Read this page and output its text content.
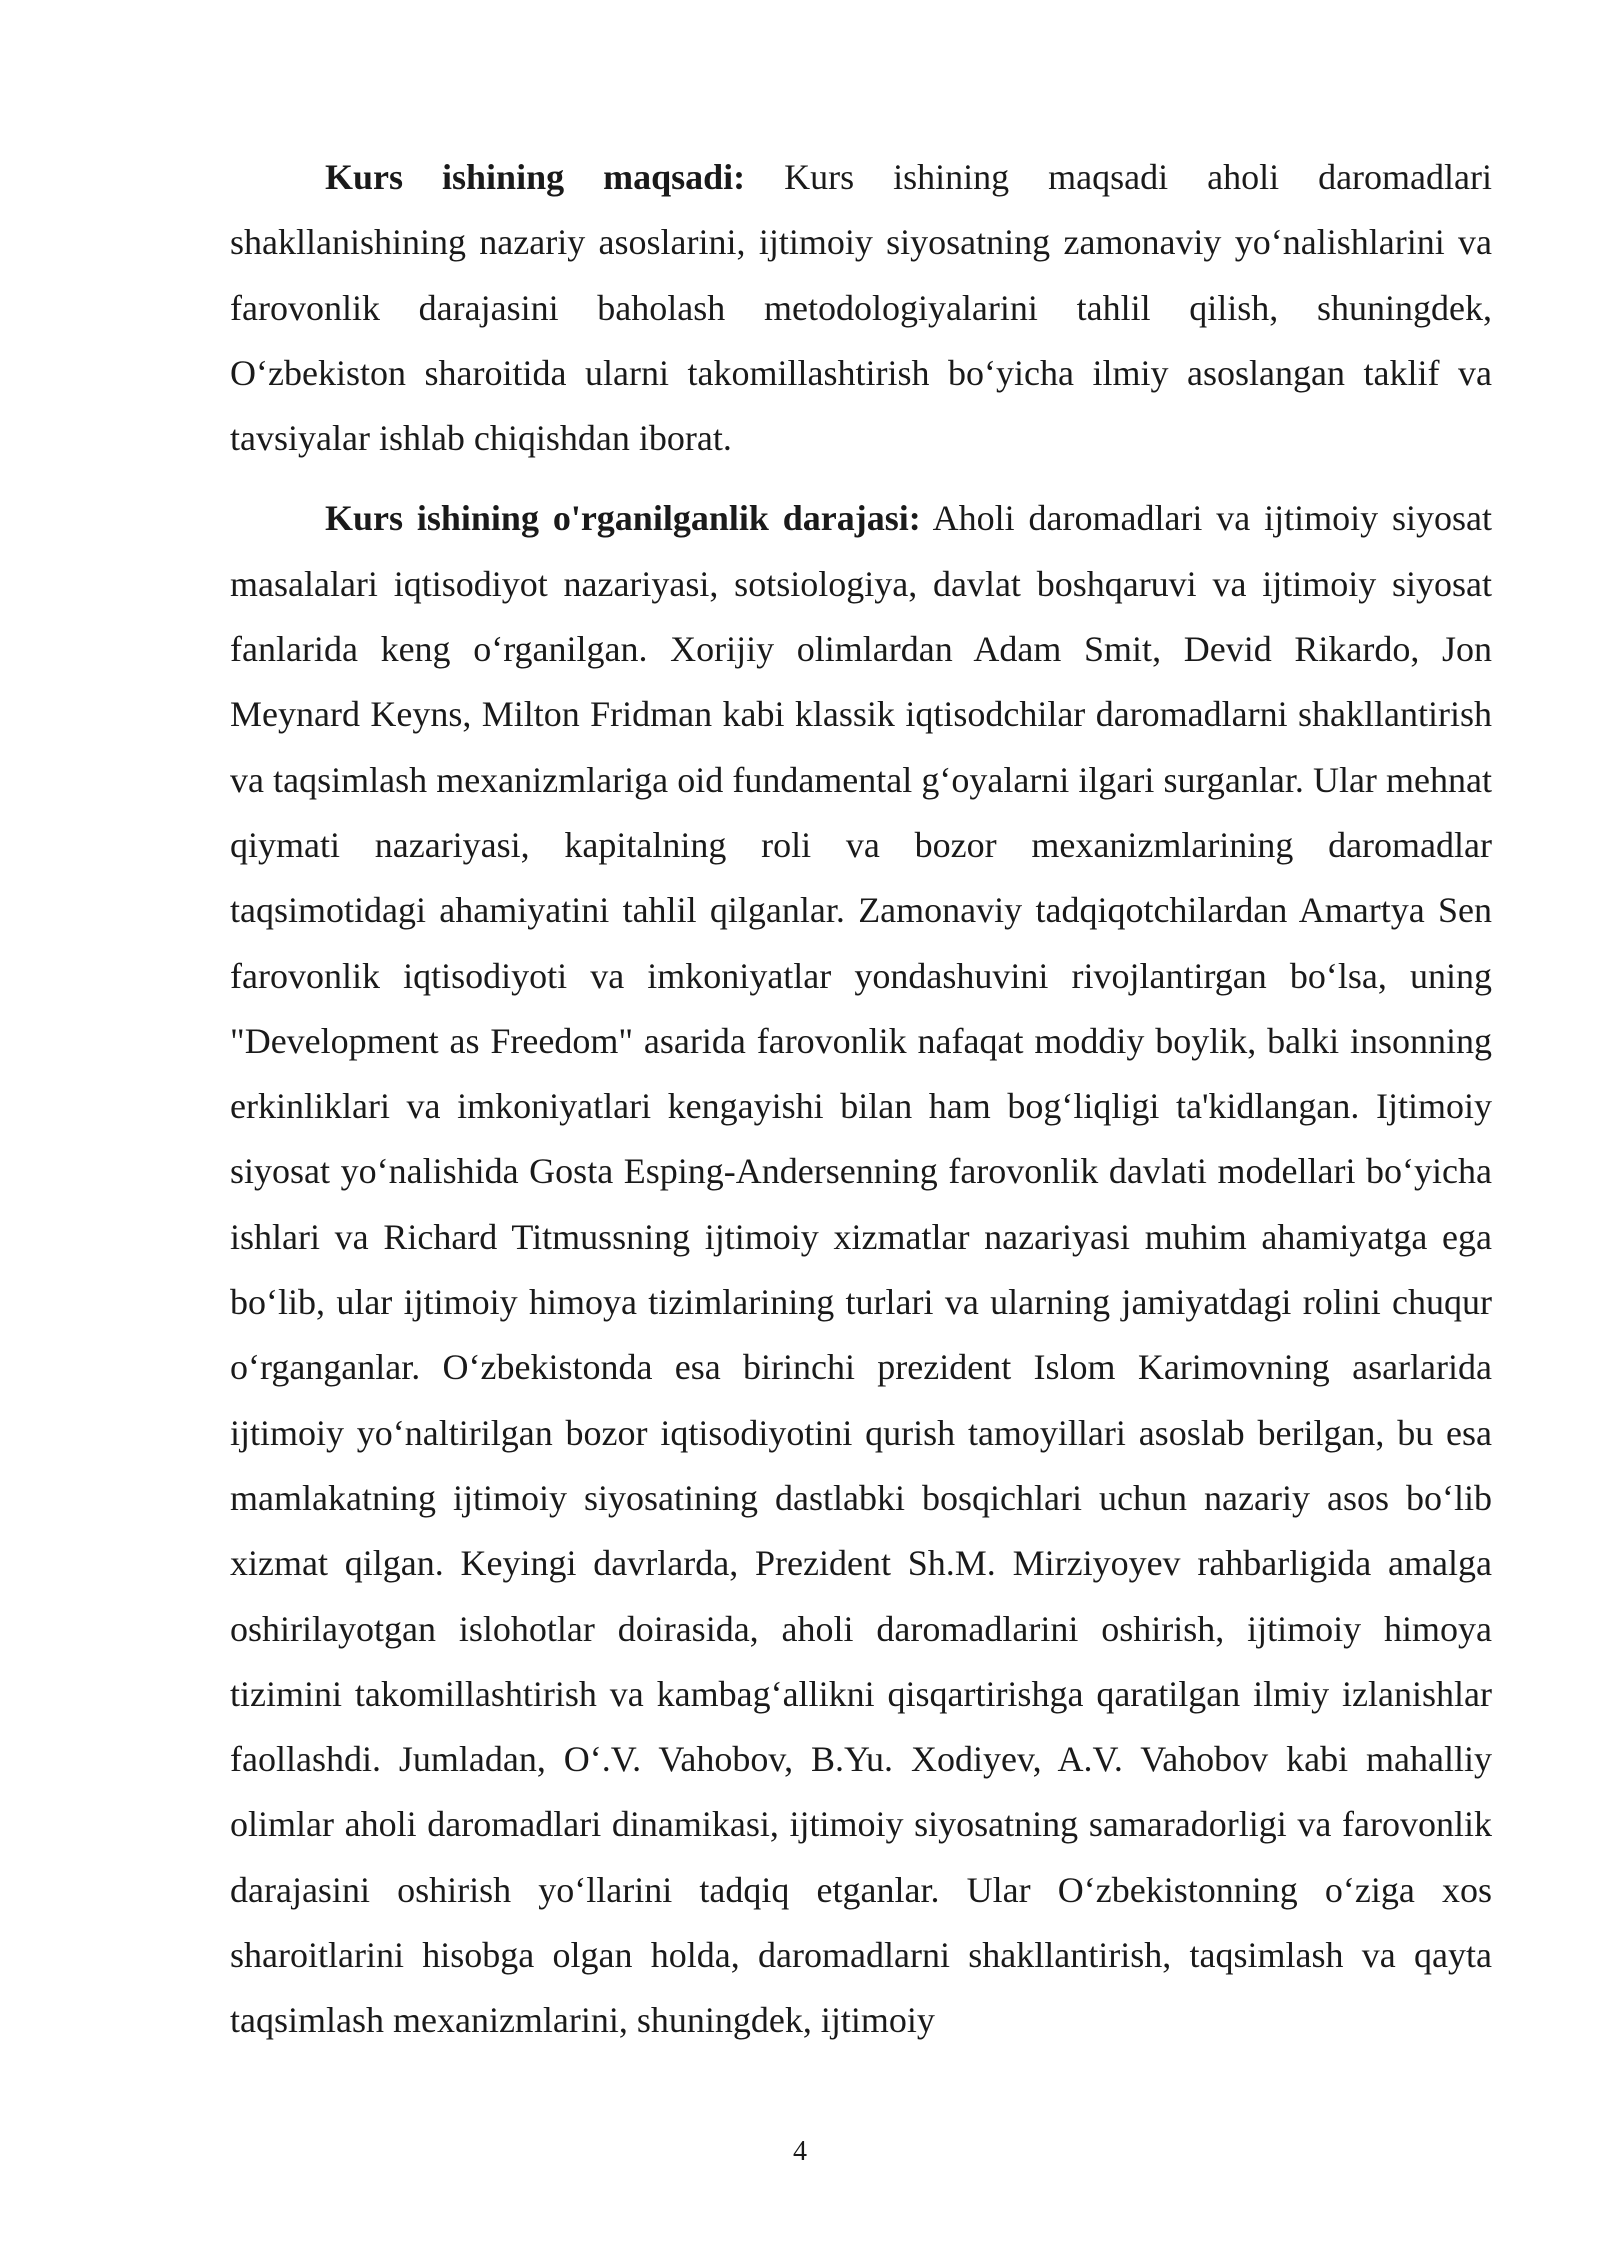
Kurs ishining maqsadi: Kurs ishining maqsadi aholi daromadlari shakllanishining nazariy asoslarini, ijtimoiy siyosatning zamonaviy yo‘nalishlarini va farovonlik darajasini baholash metodologiyalarini tahlil qilish, shuningdek, O‘zbekiston sharoitida ularni takomillashtirish bo‘yicha ilmiy asoslangan taklif va tavsiyalar ishlab chiqishdan iborat.

Kurs ishining o'rganilganlik darajasi: Aholi daromadlari va ijtimoiy siyosat masalalari iqtisodiyot nazariyasi, sotsiologiya, davlat boshqaruvi va ijtimoiy siyosat fanlarida keng o‘rganilgan. Xorijiy olimlardan Adam Smit, Devid Rikardo, Jon Meynard Keyns, Milton Fridman kabi klassik iqtisodchilar daromadlarni shakllantirish va taqsimlash mexanizmlariga oid fundamental g‘oyalarni ilgari surganlar. Ular mehnat qiymati nazariyasi, kapitalning roli va bozor mexanizmlarining daromadlar taqsimotidagi ahamiyatini tahlil qilganlar. Zamonaviy tadqiqotchilardan Amartya Sen farovonlik iqtisodiyoti va imkoniyatlar yondashuvini rivojlantirgan bo‘lsa, uning "Development as Freedom" asarida farovonlik nafaqat moddiy boylik, balki insonning erkinliklari va imkoniyatlari kengayishi bilan ham bog‘liqligi ta'kidlangan. Ijtimoiy siyosat yo‘nalishida Gosta Esping-Andersenning farovonlik davlati modellari bo‘yicha ishlari va Richard Titmussning ijtimoiy xizmatlar nazariyasi muhim ahamiyatga ega bo‘lib, ular ijtimoiy himoya tizimlarining turlari va ularning jamiyatdagi rolini chuqur o‘rganganlar. O‘zbekistonda esa birinchi prezident Islom Karimovning asarlarida ijtimoiy yo‘naltirilgan bozor iqtisodiyotini qurish tamoyillari asoslab berilgan, bu esa mamlakatning ijtimoiy siyosatining dastlabki bosqichlari uchun nazariy asos bo‘lib xizmat qilgan. Keyingi davrlarda, Prezident Sh.M. Mirziyoyev rahbarligida amalga oshirilayotgan islohotlar doirasida, aholi daromadlarini oshirish, ijtimoiy himoya tizimini takomillashtirish va kambag‘allikni qisqartirishga qaratilgan ilmiy izlanishlar faollashdi. Jumladan, O‘.V. Vahobov, B.Yu. Xodiyev, A.V. Vahobov kabi mahalliy olimlar aholi daromadlari dinamikasi, ijtimoiy siyosatning samaradorligi va farovonlik darajasini oshirish yo‘llarini tadqiq etganlar. Ular O‘zbekistonning o‘ziga xos sharoitlarini hisobga olgan holda, daromadlarni shakllantirish, taqsimlash va qayta taqsimlash mexanizmlarini, shuningdek, ijtimoiy

4
